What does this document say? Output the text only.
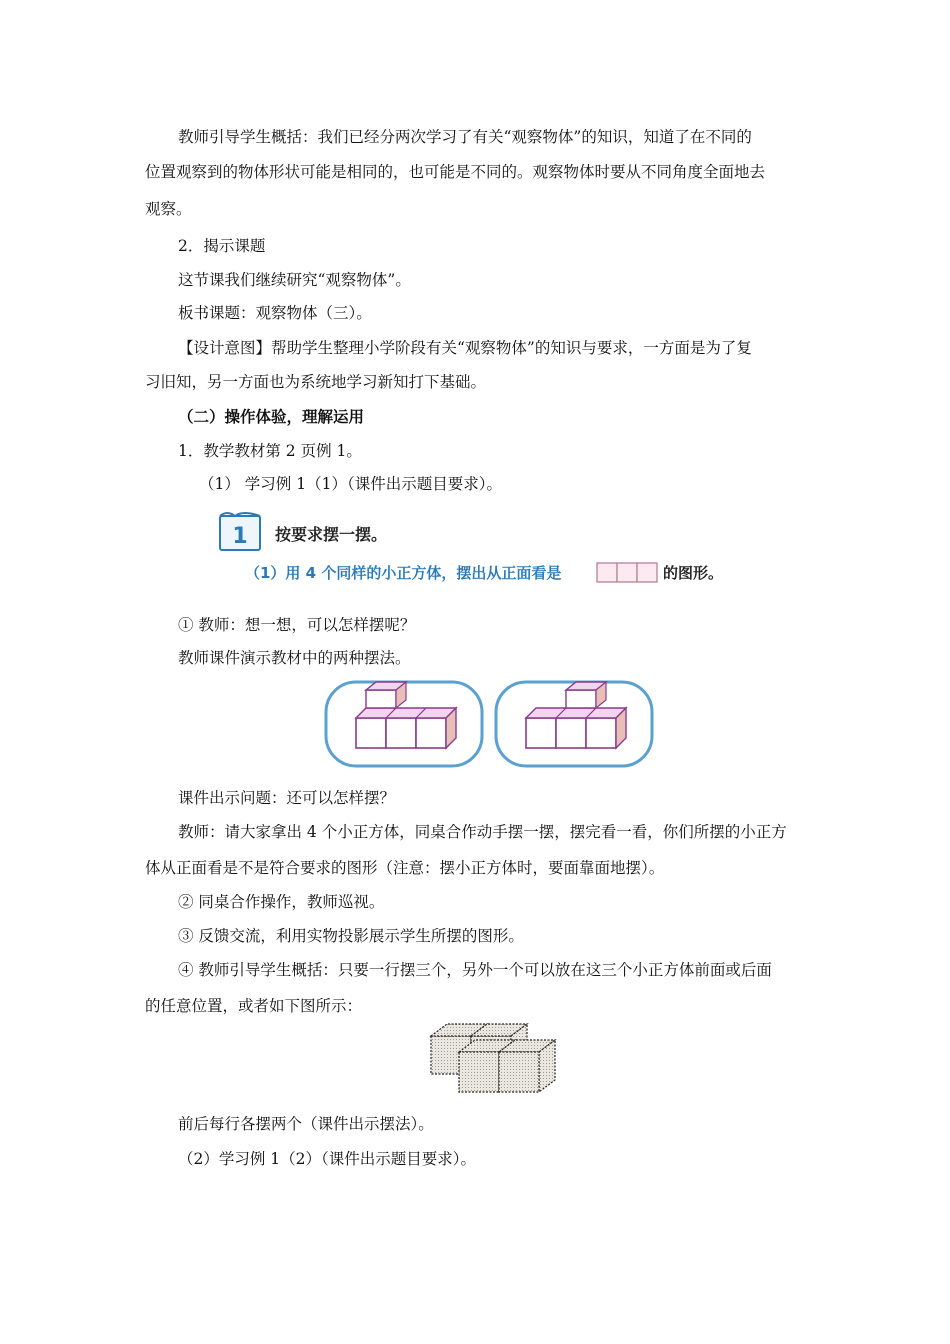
教师引导学生概括：我们已经分两次学习了有关“观察物体”的知识，知道了在不同的
位置观察到的物体形状可能是相同的，也可能是不同的。观察物体时要从不同角度全面地去
观察。
2．揭示课题
这节课我们继续研究“观察物体”。
板书课题：观察物体（三）。
【设计意图】帮助学生整理小学阶段有关“观察物体”的知识与要求，一方面是为了复
习旧知，另一方面也为系统地学习新知打下基础。
（二）操作体验，理解运用
1．教学教材第 2 页例 1。
（1） 学习例 1（1）（课件出示题目要求）。
1 按要求摆一摆。
（1）用 4 个同样的小正方体，摆出从正面看是	的图形。
① 教师：想一想，可以怎样摆呢？
教师课件演示教材中的两种摆法。
课件出示问题：还可以怎样摆？
教师：请大家拿出 4 个小正方体，同桌合作动手摆一摆，摆完看一看，你们所摆的小正方
体从正面看是不是符合要求的图形（注意：摆小正方体时，要面靠面地摆）。
② 同桌合作操作，教师巡视。
③ 反馈交流，利用实物投影展示学生所摆的图形。
④ 教师引导学生概括：只要一行摆三个，另外一个可以放在这三个小正方体前面或后面
的任意位置，或者如下图所示：
前后每行各摆两个（课件出示摆法）。
（2）学习例 1（2）（课件出示题目要求）。
